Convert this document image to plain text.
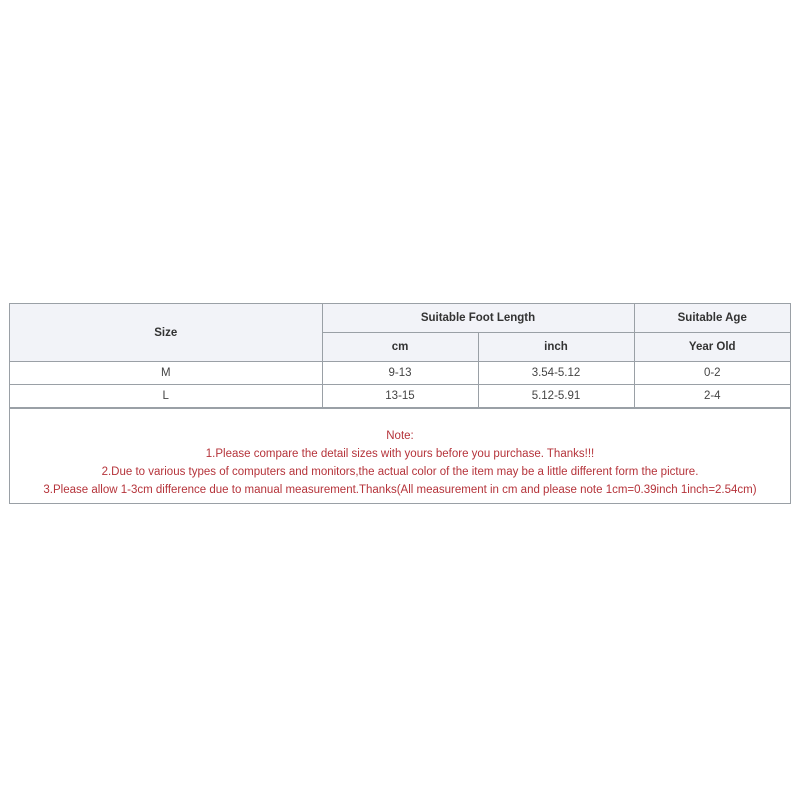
Size	Suitable Foot Length		Suitable Age
	cm	inch	Year Old
M	9-13	3.54-5.12	0-2
L	13-15	5.12-5.91	2-4
Note:
1.Please compare the detail sizes with yours before you purchase. Thanks!!!
2.Due to various types of computers and monitors,the actual color of the item may be a little different form the picture.
3.Please allow 1-3cm difference due to manual measurement.Thanks(All measurement in cm and please note 1cm=0.39inch 1inch=2.54cm)
